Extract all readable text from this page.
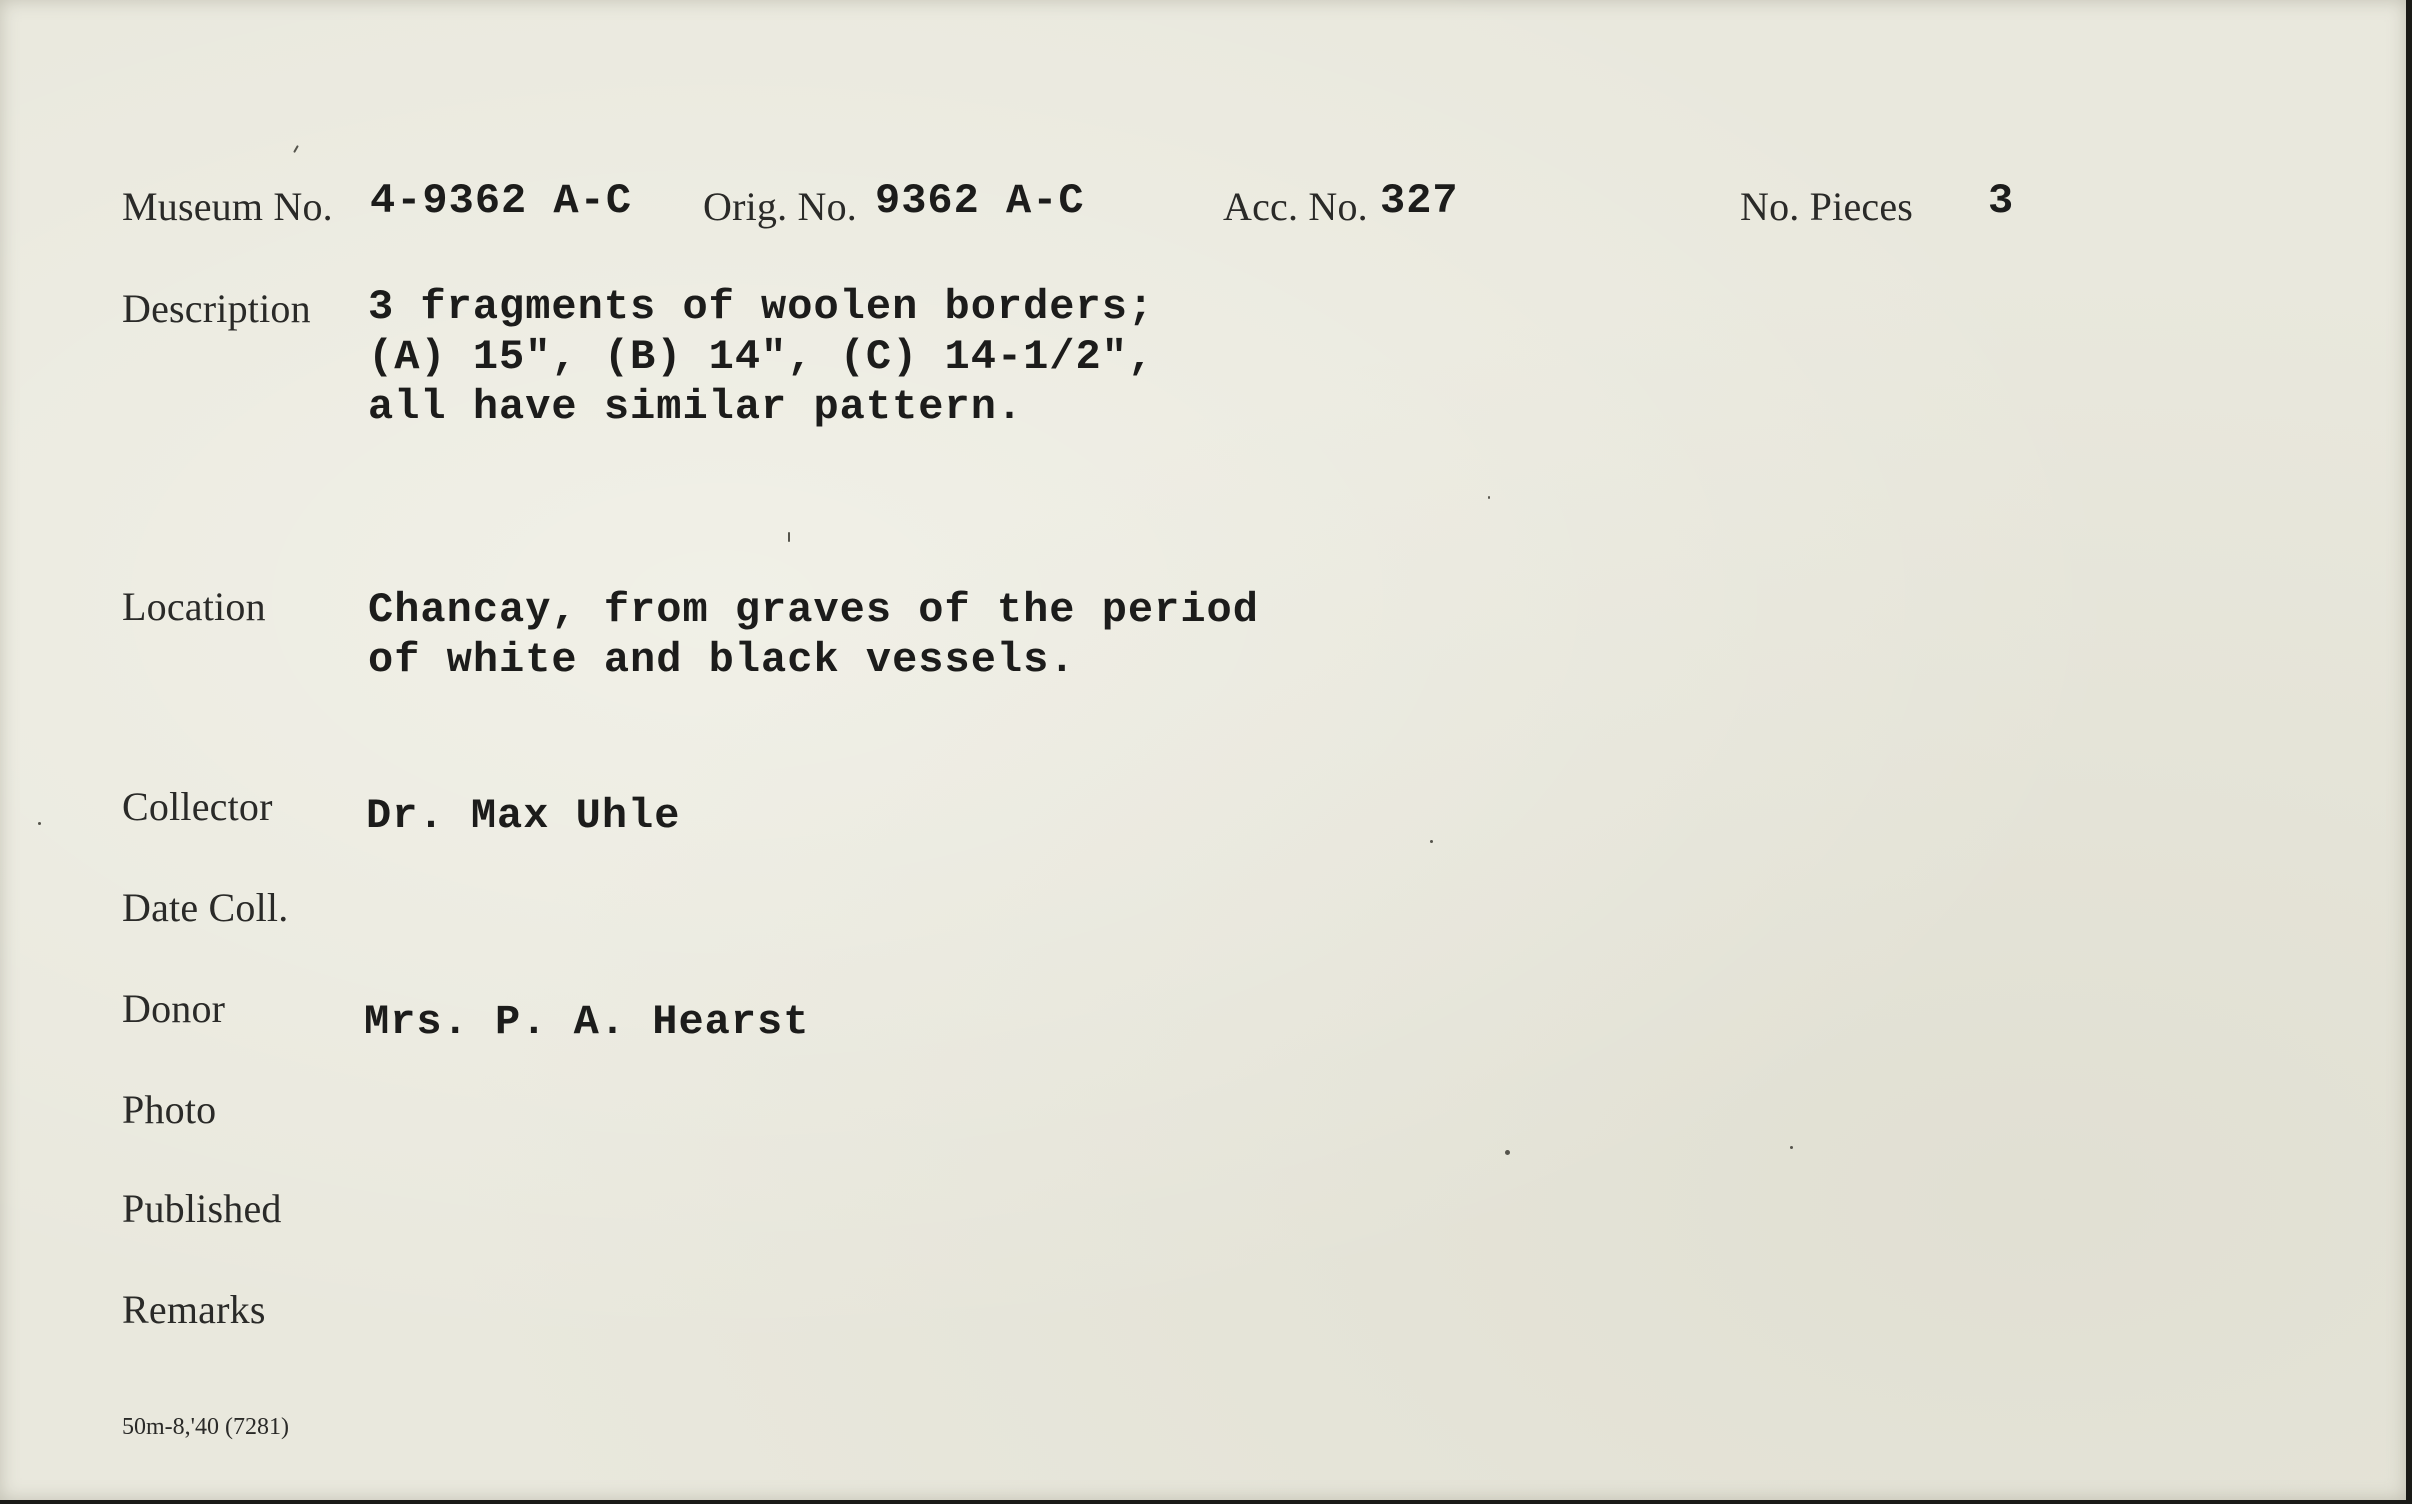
Museum No. 4-9362 A-C Orig. No. 9362 A-C	Acc. No. 327	No. Pieces 3
Description 3 fragments of woolen borders;
(A) 15", (B) 14", (C) 14-1/2",
all have similar pattern.
Location Chancay, from graves of the period
of white and black vessels.
Collector Dr. Max Uhle
Date Coll.
Donor	Mrs. P. A. Hearst
Photo
Published
Remarks
50m-8,'40 (7281)
